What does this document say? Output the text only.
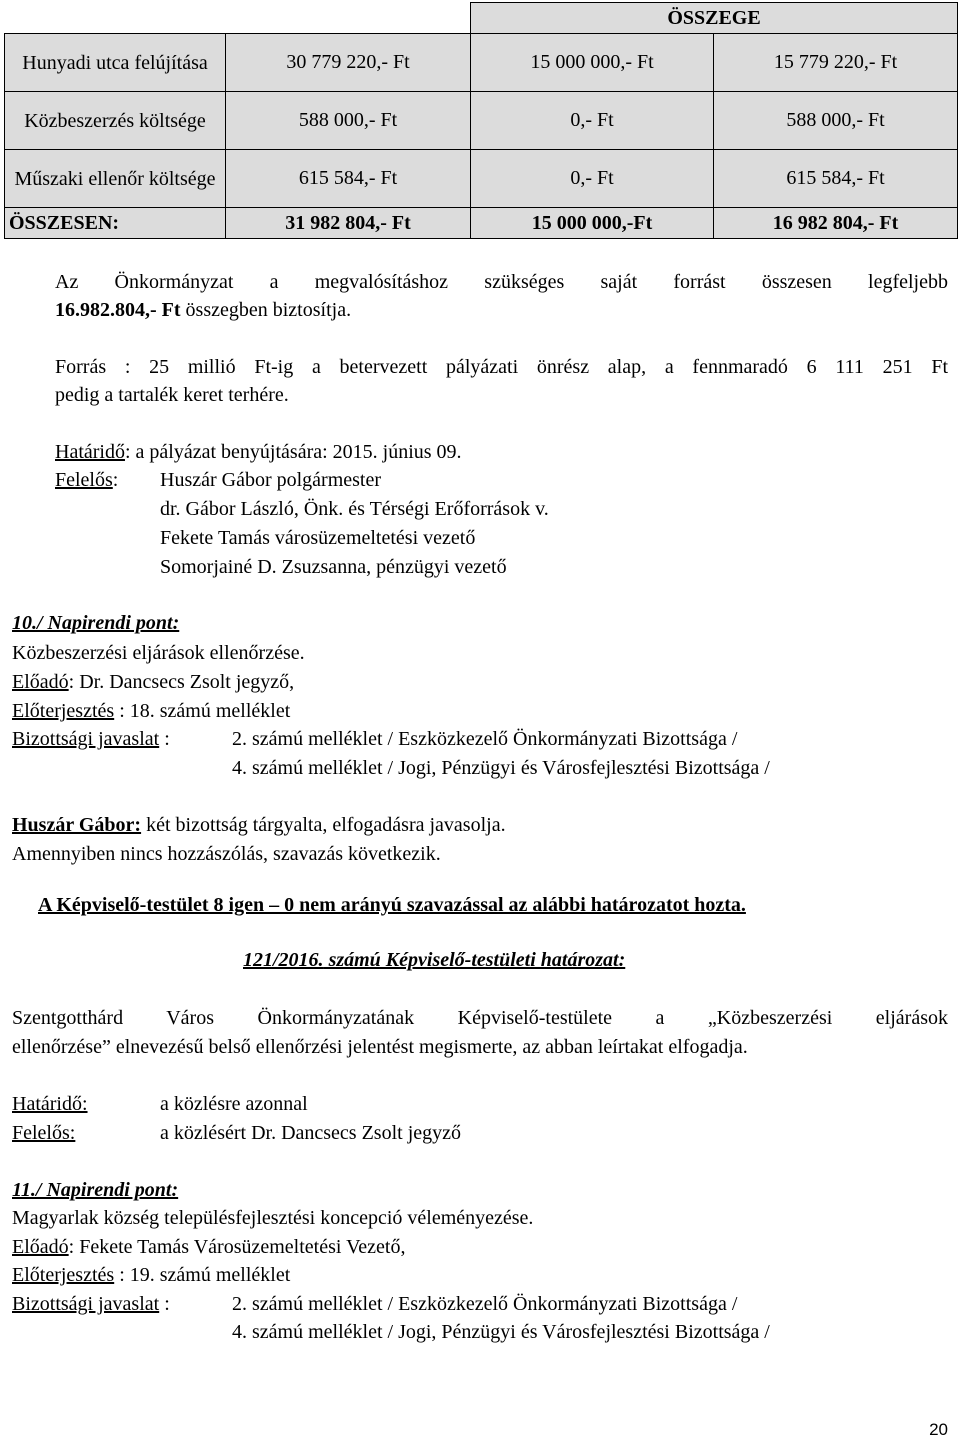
		ÖSSZEGE	
Hunyadi utca felújítása	30 779 220,- Ft	15 000 000,- Ft	15 779 220,- Ft
Közbeszerzés költsége	588 000,- Ft	0,- Ft	588 000,- Ft
Műszaki ellenőr költsége	615 584,- Ft	0,- Ft	615 584,- Ft
ÖSSZESEN:	31 982 804,- Ft	15 000 000,-Ft	16 982 804,- Ft
Az Önkormányzat a megvalósításhoz szükséges saját forrást összesen legfeljebb
16.982.804,- Ft összegben biztosítja.
Forrás : 25 millió Ft-ig a betervezett pályázati önrész alap, a fennmaradó 6 111 251 Ft
pedig a tartalék keret terhére.
Határidő: a pályázat benyújtására: 2015. június 09.
Felelős: Huszár Gábor polgármester
dr. Gábor László, Önk. és Térségi Erőforrások v.
Fekete Tamás városüzemeltetési vezető
Somorjainé D. Zsuzsanna, pénzügyi vezető
10./ Napirendi pont:
Közbeszerzési eljárások ellenőrzése.
Előadó: Dr. Dancsecs Zsolt jegyző,
Előterjesztés : 18. számú melléklet
Bizottsági javaslat :	2. számú melléklet / Eszközkezelő Önkormányzati Bizottsága /
4. számú melléklet / Jogi, Pénzügyi és Városfejlesztési Bizottsága /
Huszár Gábor: két bizottság tárgyalta, elfogadásra javasolja.
Amennyiben nincs hozzászólás, szavazás következik.
A Képviselő-testület 8 igen – 0 nem arányú szavazással az alábbi határozatot hozta.
121/2016. számú Képviselő-testületi határozat:
Szentgotthárd Város Önkormányzatának Képviselő-testülete a „Közbeszerzési eljárások
ellenőrzése” elnevezésű belső ellenőrzési jelentést megismerte, az abban leírtakat elfogadja.
Határidő:	a közlésre azonnal
Felelős:	a közlésért Dr. Dancsecs Zsolt jegyző
11./ Napirendi pont:
Magyarlak község településfejlesztési koncepció véleményezése.
Előadó: Fekete Tamás Városüzemeltetési Vezető,
Előterjesztés : 19. számú melléklet
Bizottsági javaslat :	2. számú melléklet / Eszközkezelő Önkormányzati Bizottsága /
4. számú melléklet / Jogi, Pénzügyi és Városfejlesztési Bizottsága /
20
